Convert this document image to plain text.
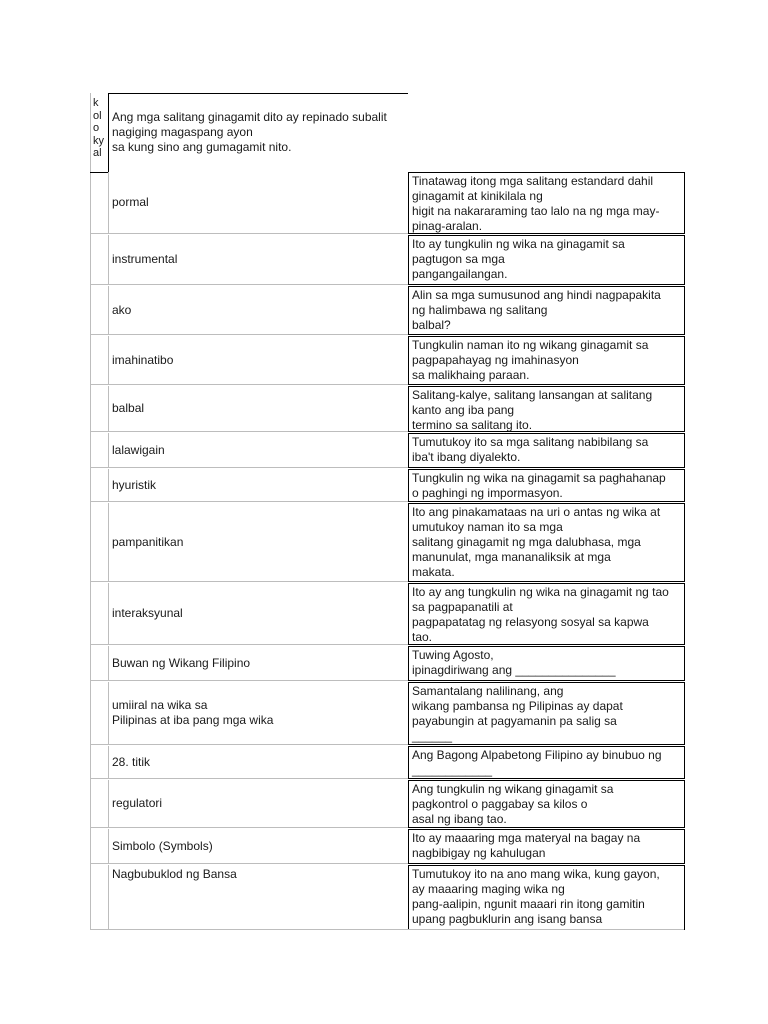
k
ol
o
ky
al
Ang mga salitang ginagamit dito ay repinado subalit
nagiging magaspang ayon
sa kung sino ang gumagamit nito.
Tinatawag itong mga salitang estandard dahil
ginagamit at kinikilala ng
higit na nakararaming tao lalo na ng mga may-
pinag-aralan.
pormal
Ito ay tungkulin ng wika na ginagamit sa
pagtugon sa mga
pangangailangan.
instrumental
Alin sa mga sumusunod ang hindi nagpapakita
ng halimbawa ng salitang
balbal?
ako
Tungkulin naman ito ng wikang ginagamit sa
pagpapahayag ng imahinasyon
sa malikhaing paraan.
imahinatibo
Salitang-kalye, salitang lansangan at salitang
kanto ang iba pang
termino sa salitang ito.
balbal
Tumutukoy ito sa mga salitang nabibilang sa
iba't ibang diyalekto.
lalawigain
Tungkulin ng wika na ginagamit sa paghahanap
o paghingi ng impormasyon.
hyuristik
Ito ang pinakamataas na uri o antas ng wika at
umutukoy naman ito sa mga
salitang ginagamit ng mga dalubhasa, mga
manunulat, mga mananaliksik at mga
makata.
pampanitikan
Ito ay ang tungkulin ng wika na ginagamit ng tao
sa pagpapanatili at
pagpapatatag ng relasyong sosyal sa kapwa
tao.
interaksyunal
Tuwing Agosto,
ipinagdiriwang ang _______________
Buwan ng Wikang Filipino
Samantalang nalilinang, ang
wikang pambansa ng Pilipinas ay dapat
payabungin at pagyamanin pa salig sa
______
umiiral na wika sa
Pilipinas at iba pang mga wika
Ang Bagong Alpabetong Filipino ay binubuo ng
____________
28. titik
Ang tungkulin ng wikang ginagamit sa
pagkontrol o paggabay sa kilos o
asal ng ibang tao.
regulatori
Ito ay maaaring mga materyal na bagay na
nagbibigay ng kahulugan
Simbolo (Symbols)
Tumutukoy ito na ano mang wika, kung gayon,
ay maaaring maging wika ng
pang-aalipin, ngunit maaari rin itong gamitin
upang pagbuklurin ang isang bansa
Nagbubuklod ng Bansa
